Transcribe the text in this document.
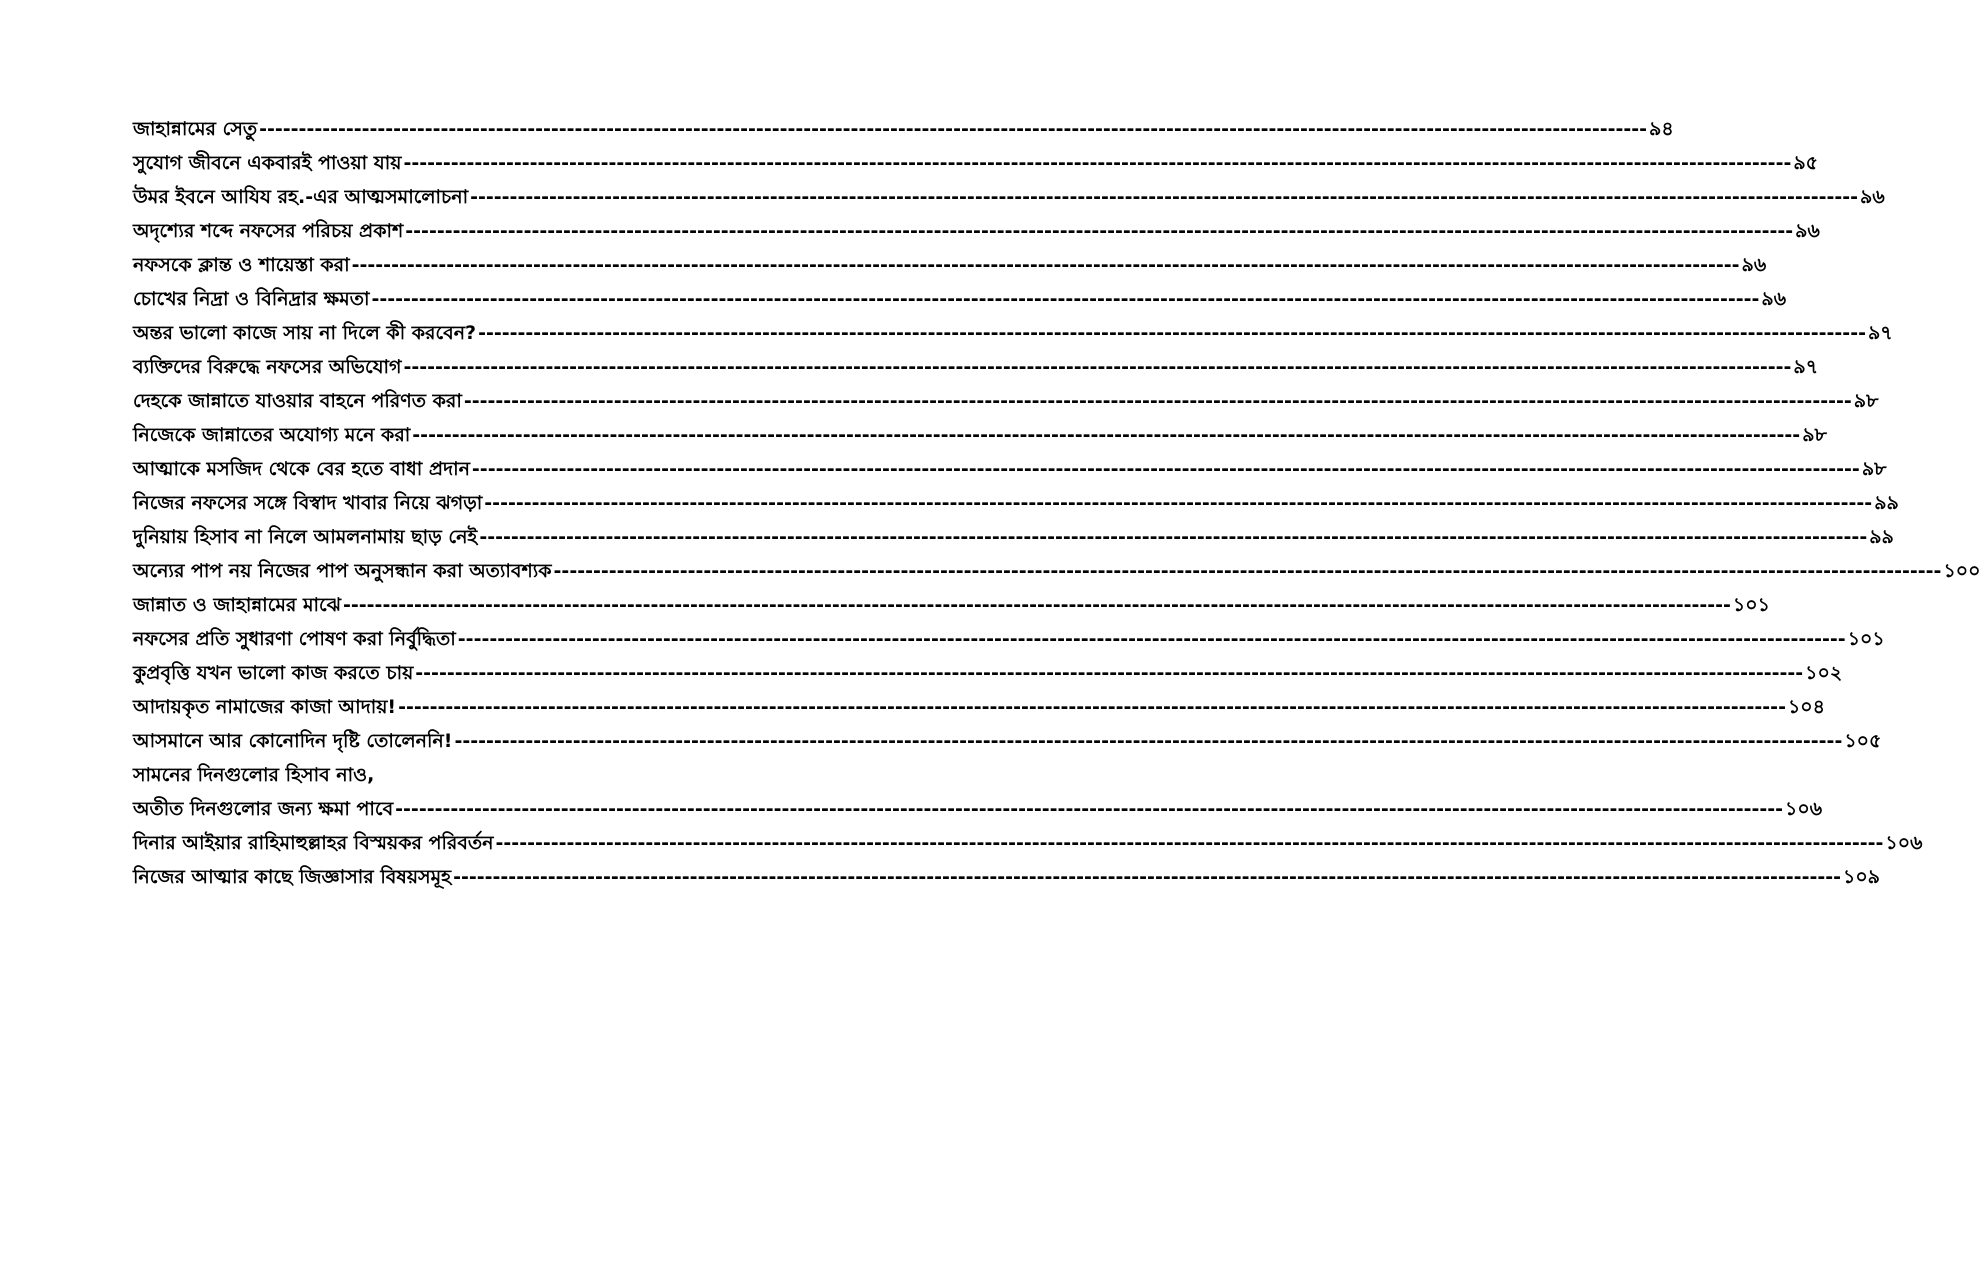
জাহান্নামের সেতু -----	৯৪
সুযোগ জীবনে একবারই পাওয়া যায় -----	৯৫
উমর ইবনে আযিয রহ.-এর আত্মসমালোচনা -----	৯৬
অদৃশ্যের শব্দে নফসের পরিচয় প্রকাশ -----	৯৬
নফসকে ক্লান্ত ও শায়েস্তা করা -----	৯৬
চোখের নিদ্রা ও বিনিদ্রার ক্ষমতা -----	৯৬
অন্তর ভালো কাজে সায় না দিলে কী করবেন? -----	৯৭
ব্যক্তিদের বিরুদ্ধে নফসের অভিযোগ -----	৯৭
দেহকে জান্নাতে যাওয়ার বাহনে পরিণত করা -----	৯৮
নিজেকে জান্নাতের অযোগ্য মনে করা -----	৯৮
আত্মাকে মসজিদ থেকে বের হতে বাধা প্রদান -----	৯৮
নিজের নফসের সঙ্গে বিস্বাদ খাবার নিয়ে ঝগড়া -----	৯৯
দুনিয়ায় হিসাব না নিলে আমলনামায় ছাড় নেই -----	৯৯
অন্যের পাপ নয় নিজের পাপ অনুসন্ধান করা অত্যাবশ্যক -----	১০০
জান্নাত ও জাহান্নামের মাঝে -----	১০১
নফসের প্রতি সুধারণা পোষণ করা নির্বুদ্ধিতা -----	১০১
কুপ্রবৃত্তি যখন ভালো কাজ করতে চায় -----	১০২
আদায়কৃত নামাজের কাজা আদায়! -----	১০৪
আসমানে আর কোনোদিন দৃষ্টি তোলেননি! -----	১০৫
সামনের দিনগুলোর হিসাব নাও,
অতীত দিনগুলোর জন্য ক্ষমা পাবে -----	১০৬
দিনার আইয়ার রাহিমাহুল্লাহর বিস্ময়কর পরিবর্তন -----	১০৬
নিজের আত্মার কাছে জিজ্ঞাসার বিষয়সমূহ -----	১০৯
